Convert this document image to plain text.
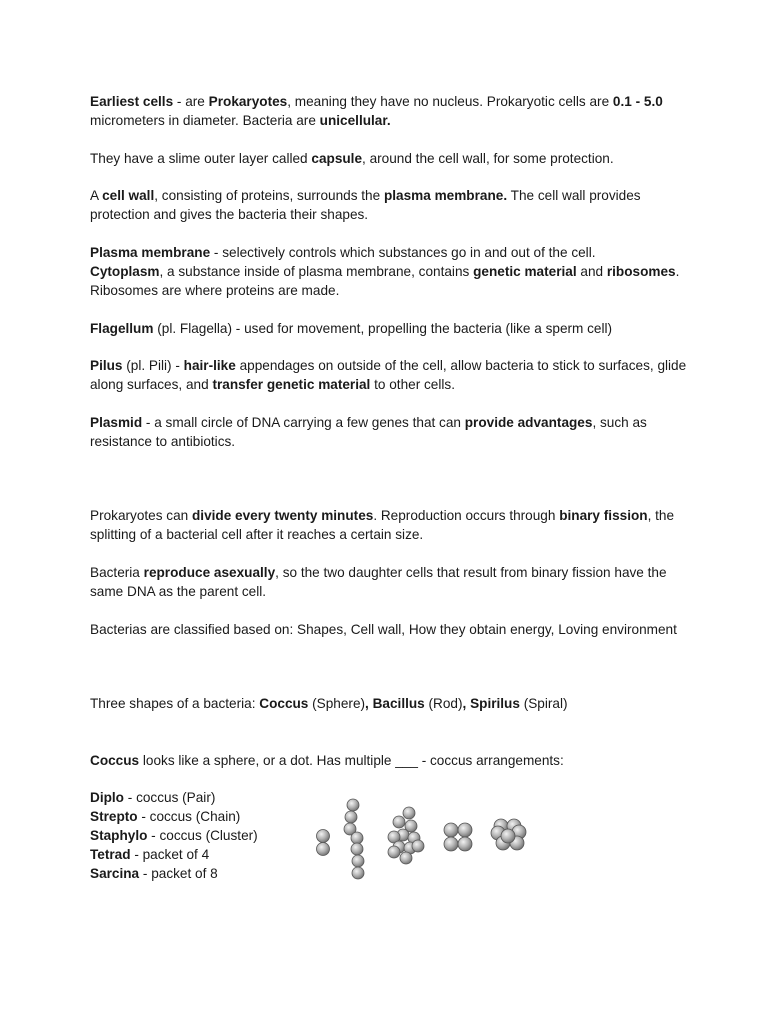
Earliest cells - are Prokaryotes, meaning they have no nucleus. Prokaryotic cells are 0.1 - 5.0 micrometers in diameter. Bacteria are unicellular.

They have a slime outer layer called capsule, around the cell wall, for some protection.

A cell wall, consisting of proteins, surrounds the plasma membrane. The cell wall provides protection and gives the bacteria their shapes.

Plasma membrane - selectively controls which substances go in and out of the cell.
Cytoplasm, a substance inside of plasma membrane, contains genetic material and ribosomes. Ribosomes are where proteins are made.

Flagellum (pl. Flagella) - used for movement, propelling the bacteria (like a sperm cell)

Pilus (pl. Pili) - hair-like appendages on outside of the cell, allow bacteria to stick to surfaces, glide along surfaces, and transfer genetic material to other cells.

Plasmid - a small circle of DNA carrying a few genes that can provide advantages, such as resistance to antibiotics.

Prokaryotes can divide every twenty minutes. Reproduction occurs through binary fission, the splitting of a bacterial cell after it reaches a certain size.

Bacteria reproduce asexually, so the two daughter cells that result from binary fission have the same DNA as the parent cell.

Bacterias are classified based on: Shapes, Cell wall, How they obtain energy, Loving environment

Three shapes of a bacteria: Coccus (Sphere), Bacillus (Rod), Spirilus (Spiral)

Coccus looks like a sphere, or a dot. Has multiple ___ - coccus arrangements:

Diplo - coccus (Pair)
Strepto - coccus (Chain)
Staphylo - coccus (Cluster)
Tetrad - packet of 4
Sarcina - packet of 8
